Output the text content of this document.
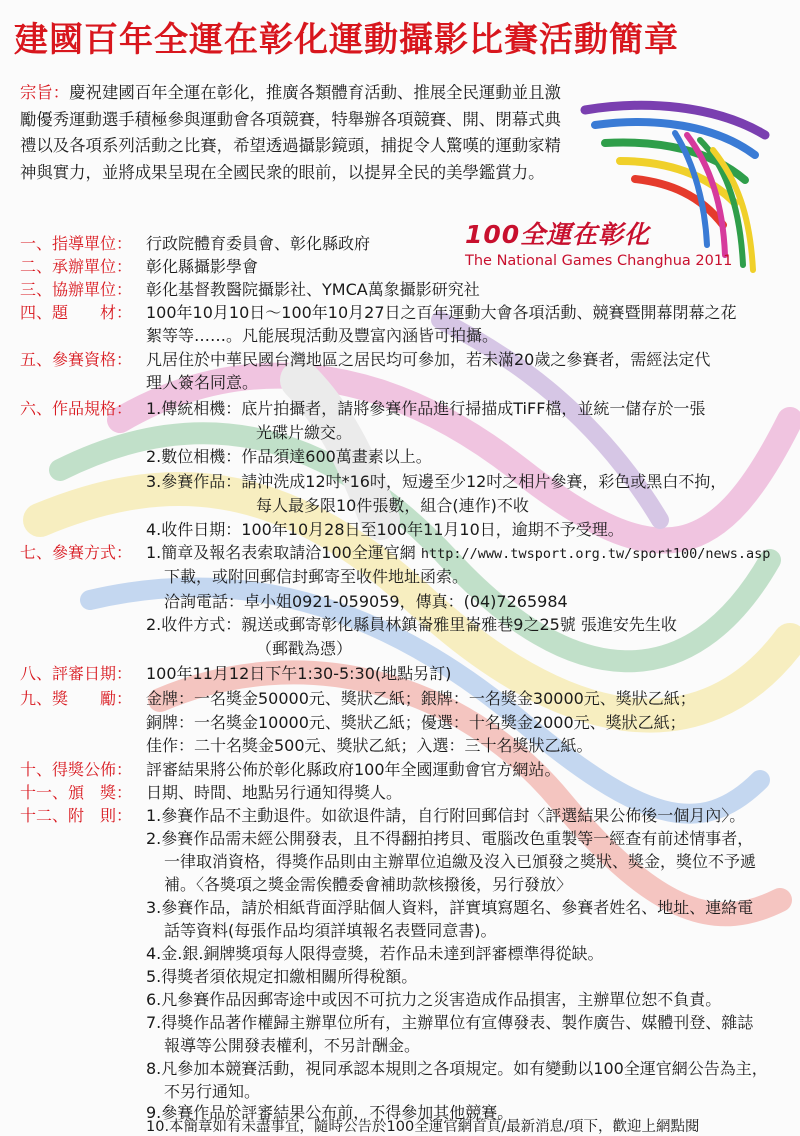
100全運在彰化
The National Games Changhua 2011
建國百年全運在彰化運動攝影比賽活動簡章
宗旨：慶祝建國百年全運在彰化，推廣各類體育活動、推展全民運動並且激勵優秀運動選手積極參與運動會各項競賽，特舉辦各項競賽、開、閉幕式典禮以及各項系列活動之比賽，希望透過攝影鏡頭，捕捉令人驚嘆的運動家精神與實力，並將成果呈現在全國民衆的眼前，以提昇全民的美學鑑賞力。
一、指導單位： 行政院體育委員會、彰化縣政府
二、承辦單位： 彰化縣攝影學會
三、協辦單位： 彰化基督教醫院攝影社、YMCA萬象攝影研究社
四、題　　材： 100年10月10日～100年10月27日之百年運動大會各項活動、競賽暨開幕閉幕之花
絮等等……。凡能展現活動及豐富內涵皆可拍攝。
五、參賽資格： 凡居住於中華民國台灣地區之居民均可參加，若未滿20歲之參賽者，需經法定代
理人簽名同意。
六、作品規格： 1.傳統相機：底片拍攝者，請將參賽作品進行掃描成TiFF檔，並統一儲存於一張
光碟片繳交。
2.數位相機：作品須達600萬畫素以上。
3.參賽作品：請沖洗成12吋*16吋，短邊至少12吋之相片參賽，彩色或黑白不拘，
每人最多限10件張數，組合(連作)不收
4.收件日期：100年10月28日至100年11月10日，逾期不予受理。
七、參賽方式： 1.簡章及報名表索取請洽100全運官網 http://www.twsport.org.tw/sport100/news.asp
下載，或附回郵信封郵寄至收件地址函索。
洽詢電話：卓小姐0921-059059，傳真：(04)7265984
2.收件方式：親送或郵寄彰化縣員林鎮崙雅里崙雅巷9之25號 張進安先生收
（郵戳為憑）
八、評審日期： 100年11月12日下午1:30-5:30(地點另訂)
九、獎　　勵： 金牌：一名獎金50000元、獎狀乙紙；銀牌：一名獎金30000元、獎狀乙紙；
銅牌：一名獎金10000元、獎狀乙紙；優選：十名獎金2000元、獎狀乙紙；
佳作：二十名獎金500元、獎狀乙紙；入選：三十名獎狀乙紙。
十、得獎公佈： 評審結果將公佈於彰化縣政府100年全國運動會官方網站。
十一、頒　獎： 日期、時間、地點另行通知得獎人。
十二、附　則： 1.參賽作品不主動退件。如欲退件請，自行附回郵信封〈評選結果公佈後一個月內〉。
2.參賽作品需未經公開發表，且不得翻拍拷貝、電腦改色重製等一經查有前述情事者，
一律取消資格，得獎作品則由主辦單位追繳及沒入已頒發之獎狀、獎金，獎位不予遞
補。〈各獎項之獎金需俟體委會補助款核撥後，另行發放〉
3.參賽作品，請於相紙背面浮貼個人資料，詳實填寫題名、參賽者姓名、地址、連絡電
話等資料(每張作品均須詳填報名表暨同意書)。
4.金.銀.銅牌獎項每人限得壹獎，若作品未達到評審標準得從缺。
5.得獎者須依規定扣繳相關所得稅額。
6.凡參賽作品因郵寄途中或因不可抗力之災害造成作品損害，主辦單位恕不負責。
7.得獎作品著作權歸主辦單位所有，主辦單位有宣傳發表、製作廣告、媒體刊登、雜誌
報導等公開發表權利，不另計酬金。
8.凡參加本競賽活動，視同承認本規則之各項規定。如有變動以100全運官網公告為主，
不另行通知。
9.參賽作品於評審結果公布前，不得參加其他競賽。
10.本簡章如有未盡事宜，隨時公告於100全運官網首頁/最新消息/項下，歡迎上網點閱
